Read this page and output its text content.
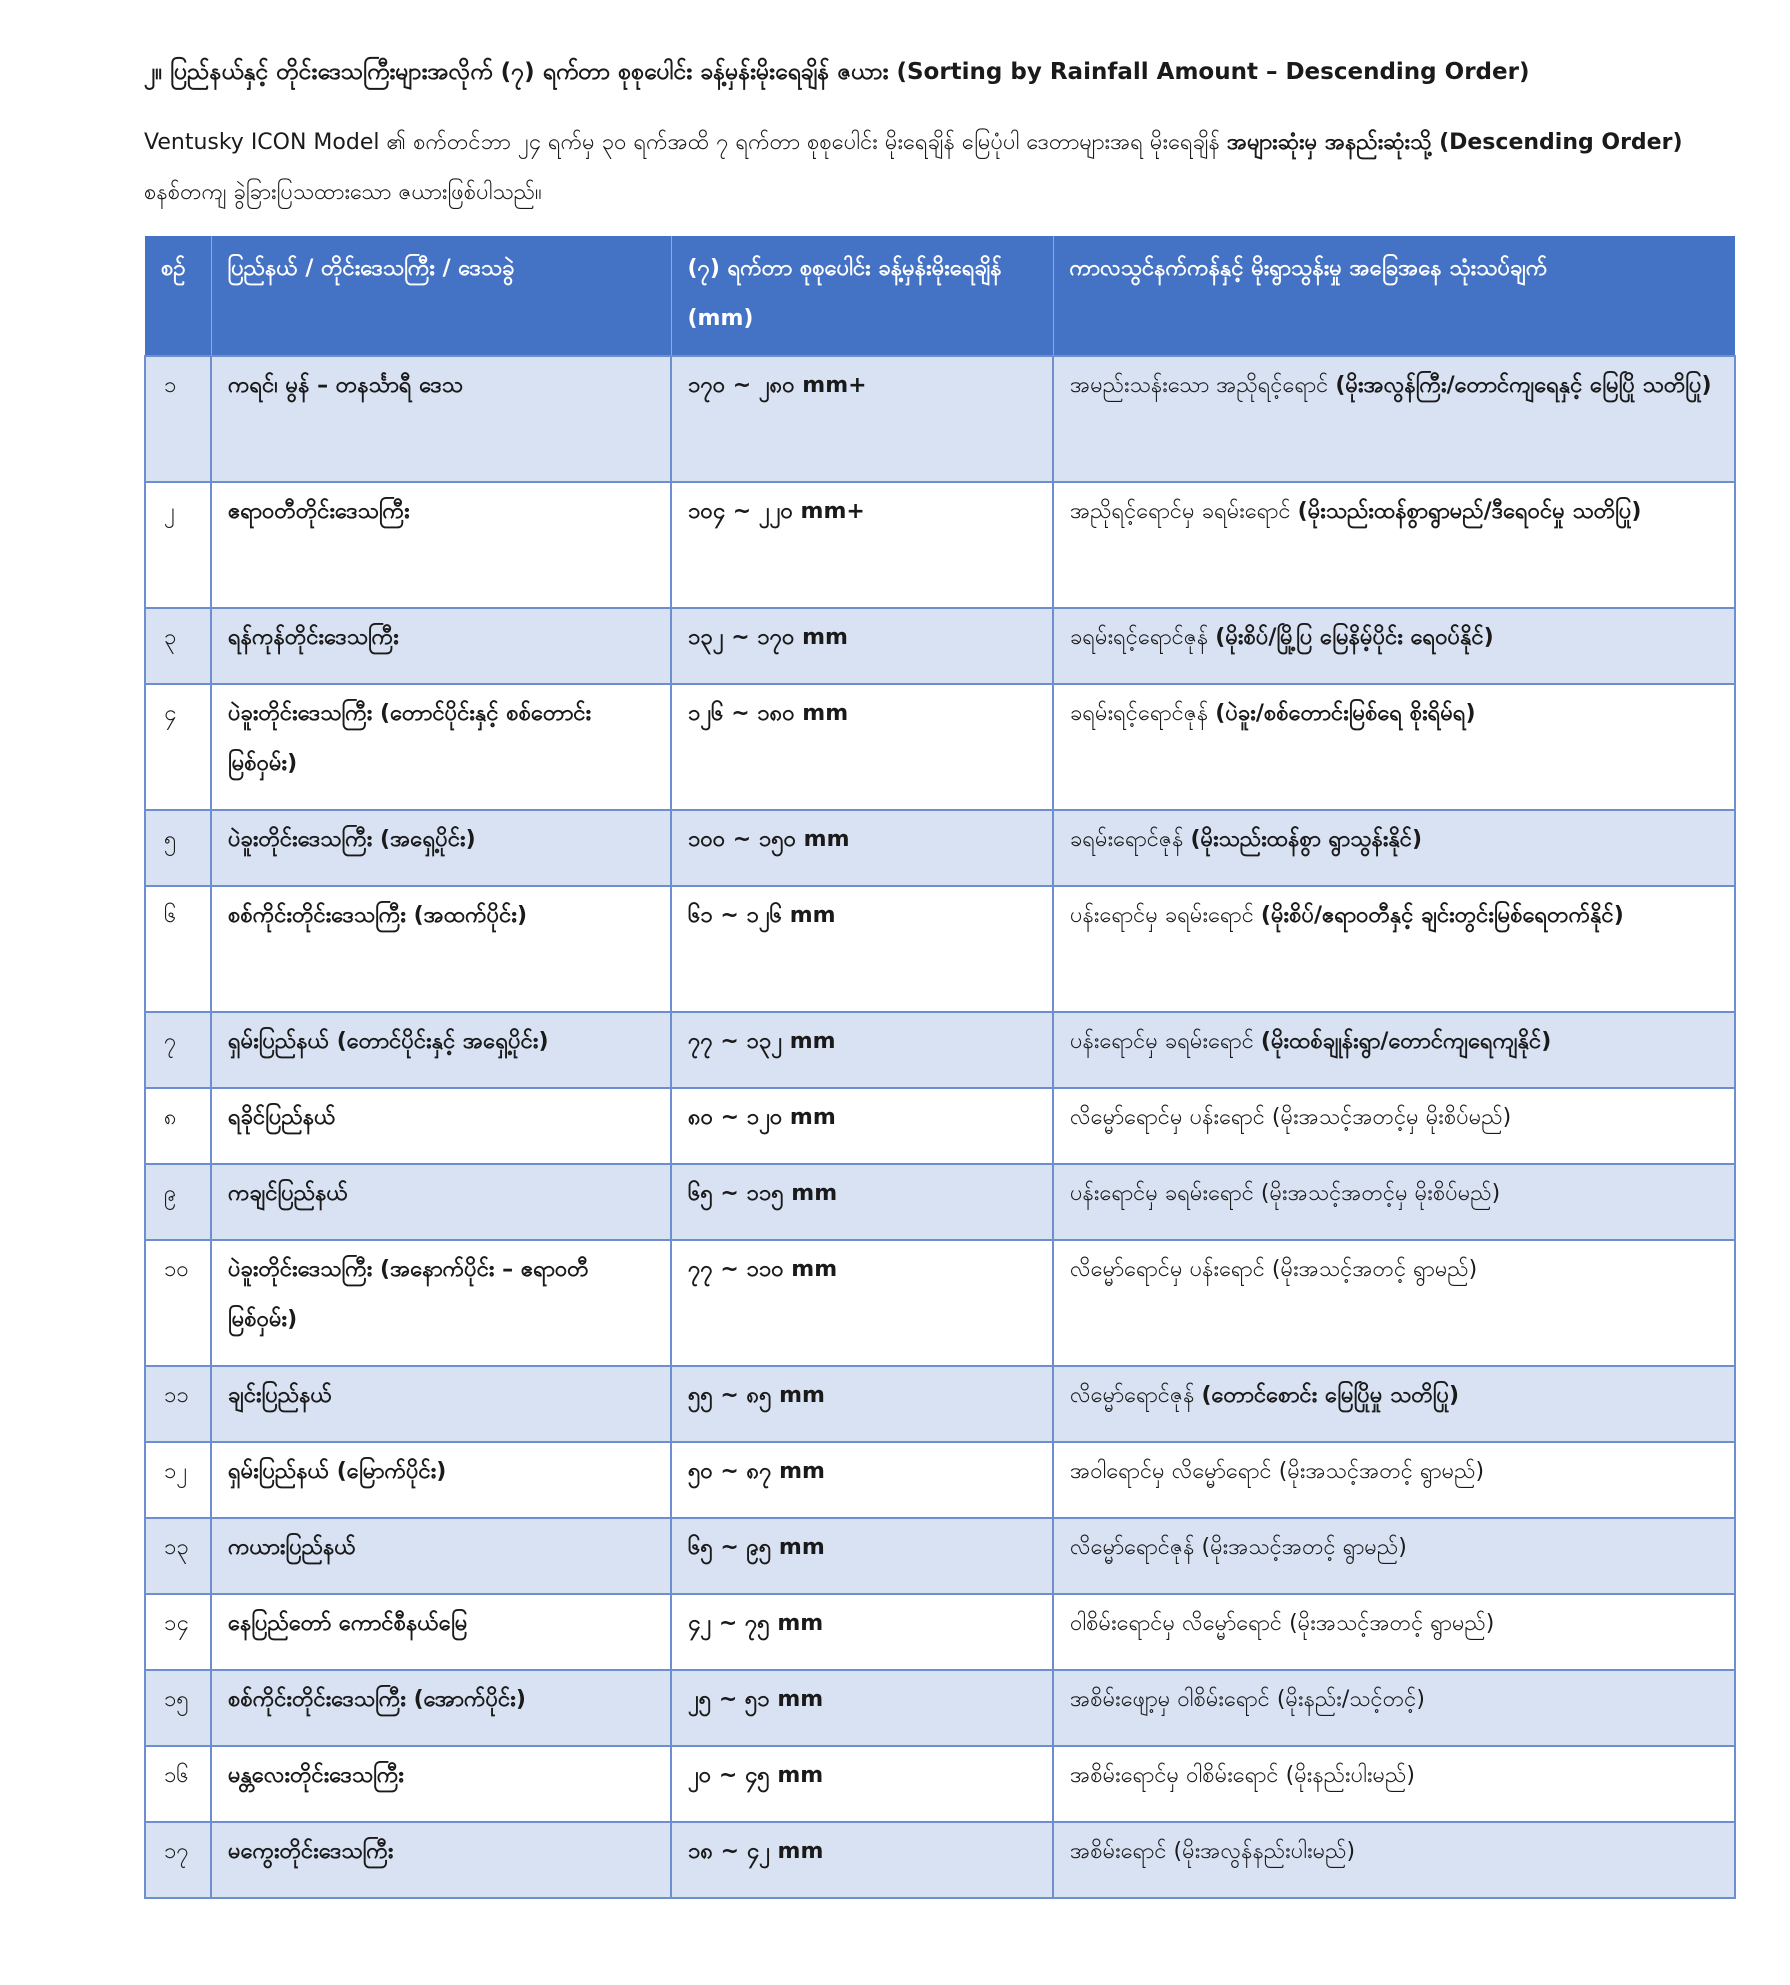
၂။ ပြည်နယ်နှင့် တိုင်းဒေသကြီးများအလိုက် (၇) ရက်တာ စုစုပေါင်း ခန့်မှန်းမိုးရေချိန် ဇယား (Sorting by Rainfall Amount – Descending Order)

Ventusky ICON Model ၏ စက်တင်ဘာ ၂၄ ရက်မှ ၃၀ ရက်အထိ ၇ ရက်တာ စုစုပေါင်း မိုးရေချိန် မြေပုံပါ ဒေတာများအရ မိုးရေချိန် အများဆုံးမှ အနည်းဆုံးသို့ (Descending Order) စနစ်တကျ ခွဲခြားပြသထားသော ဇယားဖြစ်ပါသည်။

စဉ်	ပြည်နယ် / တိုင်းဒေသကြီး / ဒေသခွဲ	(၇) ရက်တာ စုစုပေါင်း ခန့်မှန်းမိုးရေချိန် (mm)	ကာလသွင်နက်ကန်နှင့် မိုးရွာသွန်းမှု အခြေအနေ သုံးသပ်ချက်
၁	ကရင်၊ မွန် – တနင်္သာရီ ဒေသ	၁၇၀ ~ ၂၈၀ mm+	အမည်းသန်းသော အညိုရင့်ရောင် (မိုးအလွန်ကြီး/တောင်ကျရေနှင့် မြေပြို သတိပြု)
၂	ဧရာဝတီတိုင်းဒေသကြီး	၁၀၄ ~ ၂၂၀ mm+	အညိုရင့်ရောင်မှ ခရမ်းရောင် (မိုးသည်းထန်စွာရွာမည်/ဒီရေဝင်မှု သတိပြု)
၃	ရန်ကုန်တိုင်းဒေသကြီး	၁၃၂ ~ ၁၇၀ mm	ခရမ်းရင့်ရောင်ဇုန် (မိုးစိပ်/မြို့ပြ မြေနိမ့်ပိုင်း ရေဝပ်နိုင်)
၄	ပဲခူးတိုင်းဒေသကြီး (တောင်ပိုင်းနှင့် စစ်တောင်းမြစ်ဝှမ်း)	၁၂၆ ~ ၁၈၀ mm	ခရမ်းရင့်ရောင်ဇုန် (ပဲခူး/စစ်တောင်းမြစ်ရေ စိုးရိမ်ရ)
၅	ပဲခူးတိုင်းဒေသကြီး (အရှေ့ပိုင်း)	၁၀၀ ~ ၁၅၀ mm	ခရမ်းရောင်ဇုန် (မိုးသည်းထန်စွာ ရွာသွန်းနိုင်)
၆	စစ်ကိုင်းတိုင်းဒေသကြီး (အထက်ပိုင်း)	၆၁ ~ ၁၂၆ mm	ပန်းရောင်မှ ခရမ်းရောင် (မိုးစိပ်/ဧရာဝတီနှင့် ချင်းတွင်းမြစ်ရေတက်နိုင်)
၇	ရှမ်းပြည်နယ် (တောင်ပိုင်းနှင့် အရှေ့ပိုင်း)	၇၇ ~ ၁၃၂ mm	ပန်းရောင်မှ ခရမ်းရောင် (မိုးထစ်ချုန်းရွာ/တောင်ကျရေကျနိုင်)
၈	ရခိုင်ပြည်နယ်	၈၀ ~ ၁၂၀ mm	လိမ္မော်ရောင်မှ ပန်းရောင် (မိုးအသင့်အတင့်မှ မိုးစိပ်မည်)
၉	ကချင်ပြည်နယ်	၆၅ ~ ၁၁၅ mm	ပန်းရောင်မှ ခရမ်းရောင် (မိုးအသင့်အတင့်မှ မိုးစိပ်မည်)
၁၀	ပဲခူးတိုင်းဒေသကြီး (အနောက်ပိုင်း – ဧရာဝတီမြစ်ဝှမ်း)	၇၇ ~ ၁၁၀ mm	လိမ္မော်ရောင်မှ ပန်းရောင် (မိုးအသင့်အတင့် ရွာမည်)
၁၁	ချင်းပြည်နယ်	၅၅ ~ ၈၅ mm	လိမ္မော်ရောင်ဇုန် (တောင်စောင်း မြေပြိုမှု သတိပြု)
၁၂	ရှမ်းပြည်နယ် (မြောက်ပိုင်း)	၅၀ ~ ၈၇ mm	အဝါရောင်မှ လိမ္မော်ရောင် (မိုးအသင့်အတင့် ရွာမည်)
၁၃	ကယားပြည်နယ်	၆၅ ~ ၉၅ mm	လိမ္မော်ရောင်ဇုန် (မိုးအသင့်အတင့် ရွာမည်)
၁၄	နေပြည်တော် ကောင်စီနယ်မြေ	၄၂ ~ ၇၅ mm	ဝါစိမ်းရောင်မှ လိမ္မော်ရောင် (မိုးအသင့်အတင့် ရွာမည်)
၁၅	စစ်ကိုင်းတိုင်းဒေသကြီး (အောက်ပိုင်း)	၂၅ ~ ၅၁ mm	အစိမ်းဖျော့မှ ဝါစိမ်းရောင် (မိုးနည်း/သင့်တင့်)
၁၆	မန္တလေးတိုင်းဒေသကြီး	၂၀ ~ ၄၅ mm	အစိမ်းရောင်မှ ဝါစိမ်းရောင် (မိုးနည်းပါးမည်)
၁၇	မကွေးတိုင်းဒေသကြီး	၁၈ ~ ၄၂ mm	အစိမ်းရောင် (မိုးအလွန်နည်းပါးမည်)
